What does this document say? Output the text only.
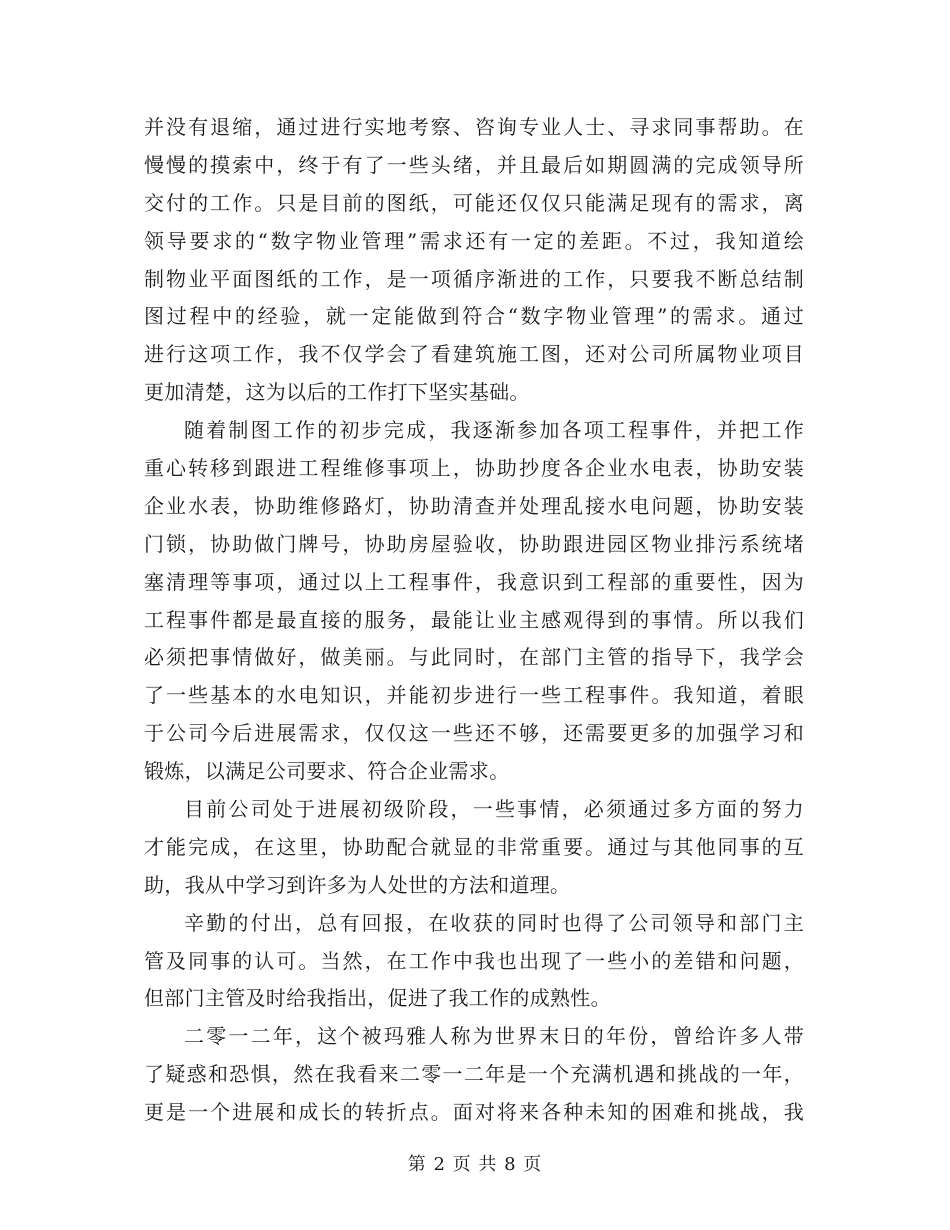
并没有退缩，通过进行实地考察、咨询专业人士、寻求同事帮助。在
慢慢的摸索中，终于有了一些头绪，并且最后如期圆满的完成领导所
交付的工作。只是目前的图纸，可能还仅仅只能满足现有的需求，离
领导要求的“数字物业管理”需求还有一定的差距。不过，我知道绘
制物业平面图纸的工作，是一项循序渐进的工作，只要我不断总结制
图过程中的经验，就一定能做到符合“数字物业管理”的需求。通过
进行这项工作，我不仅学会了看建筑施工图，还对公司所属物业项目
更加清楚，这为以后的工作打下坚实基础。
随着制图工作的初步完成，我逐渐参加各项工程事件，并把工作
重心转移到跟进工程维修事项上，协助抄度各企业水电表，协助安装
企业水表，协助维修路灯，协助清查并处理乱接水电问题，协助安装
门锁，协助做门牌号，协助房屋验收，协助跟进园区物业排污系统堵
塞清理等事项，通过以上工程事件，我意识到工程部的重要性，因为
工程事件都是最直接的服务，最能让业主感观得到的事情。所以我们
必须把事情做好，做美丽。与此同时，在部门主管的指导下，我学会
了一些基本的水电知识，并能初步进行一些工程事件。我知道，着眼
于公司今后进展需求，仅仅这一些还不够，还需要更多的加强学习和
锻炼，以满足公司要求、符合企业需求。
目前公司处于进展初级阶段，一些事情，必须通过多方面的努力
才能完成，在这里，协助配合就显的非常重要。通过与其他同事的互
助，我从中学习到许多为人处世的方法和道理。
辛勤的付出，总有回报，在收获的同时也得了公司领导和部门主
管及同事的认可。当然，在工作中我也出现了一些小的差错和问题，
但部门主管及时给我指出，促进了我工作的成熟性。
二零一二年，这个被玛雅人称为世界末日的年份，曾给许多人带
了疑惑和恐惧，然在我看来二零一二年是一个充满机遇和挑战的一年，
更是一个进展和成长的转折点。面对将来各种未知的困难和挑战，我
第 2 页 共 8 页
